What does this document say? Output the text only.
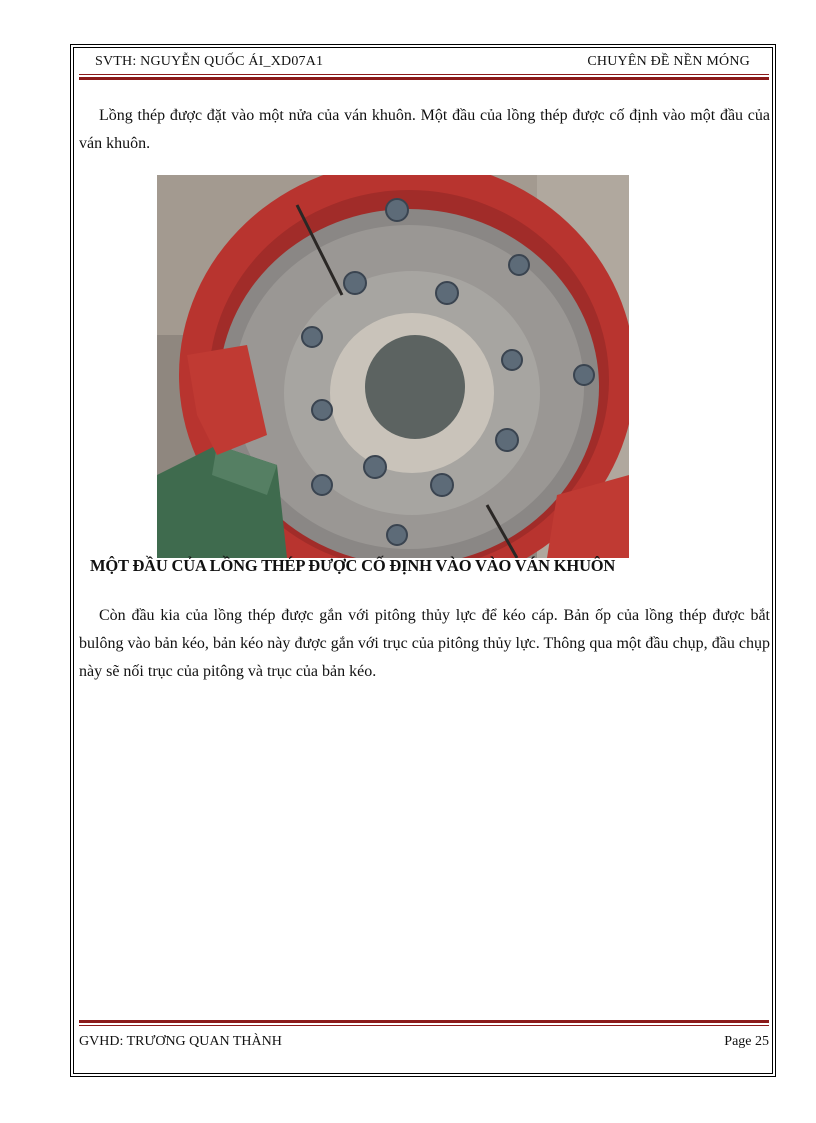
SVTH: NGUYỄN QUỐC ÁI_XD07A1	CHUYÊN ĐỀ NỀN MÓNG

Lồng thép được đặt vào một nửa của ván khuôn. Một đầu của lồng thép được cố định vào một đầu của ván khuôn.

MỘT ĐẦU CỦA LỒNG THÉP ĐƯỢC CỐ ĐỊNH VÀO VÀO VÁN KHUÔN

Còn đầu kia của lồng thép được gắn với pitông thủy lực để kéo cáp. Bản ốp của lồng thép được bắt bulông vào bản kéo, bản kéo này được gắn với trục của pitông thủy lực. Thông qua một đầu chụp, đầu chụp này sẽ nối trục của pitông và trục của bản kéo.

GVHD: TRƯƠNG QUAN THÀNH	Page 25
